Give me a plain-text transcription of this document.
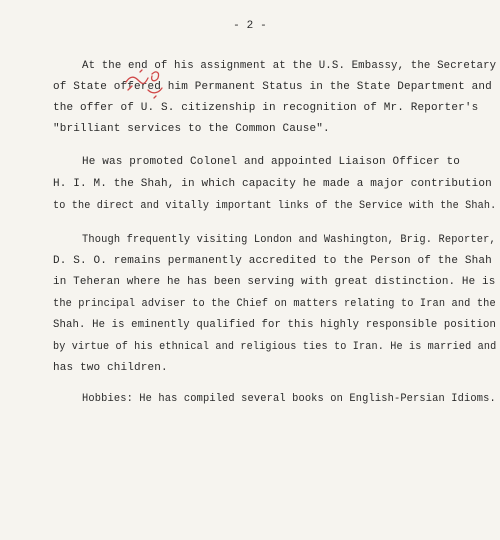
- 2 -
At the end of his assignment at the U.S. Embassy, the Secretary
of State offered him Permanent Status in the State Department and
the offer of U. S. citizenship in recognition of Mr. Reporter's
"brilliant services to the Common Cause".
He was promoted Colonel and appointed Liaison Officer to
H. I. M. the Shah, in which capacity he made a major contribution
to the direct and vitally important links of the Service with the Shah.
Though frequently visiting London and Washington, Brig. Reporter,
D. S. O. remains permanently accredited to the Person of the Shah
in Teheran where he has been serving with great distinction. He is
the principal adviser to the Chief on matters relating to Iran and the
Shah. He is eminently qualified for this highly responsible position
by virtue of his ethnical and religious ties to Iran. He is married and
has two children.
Hobbies: He has compiled several books on English-Persian Idioms.
